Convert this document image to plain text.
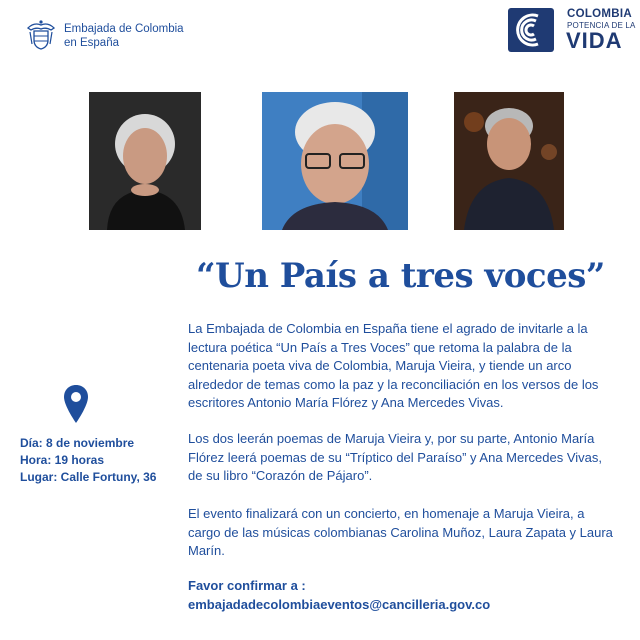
Embajada de Colombia
en España
COLOMBIA
POTENCIA DE LA
VIDA
“Un País a tres voces”
La Embajada de Colombia en España tiene el agrado de invitarle a la lectura poética “Un País a Tres Voces” que retoma la palabra de la centenaria poeta viva de Colombia, Maruja Vieira, y tiende un arco alrededor de temas como la paz y la reconciliación en los versos de los escritores Antonio María Flórez y Ana Mercedes Vivas.
Los dos leerán poemas de Maruja Vieira y, por su parte, Antonio María Flórez leerá poemas de su “Tríptico del Paraíso” y Ana Mercedes Vivas, de su libro “Corazón de Pájaro”.
El evento finalizará con un concierto, en homenaje a Maruja Vieira, a cargo de las músicas colombianas Carolina Muñoz, Laura Zapata y Laura Marín.
Favor confirmar a :
embajadadecolombiaeventos@cancilleria.gov.co
Día: 8 de noviembre
Hora: 19 horas
Lugar: Calle Fortuny, 36
